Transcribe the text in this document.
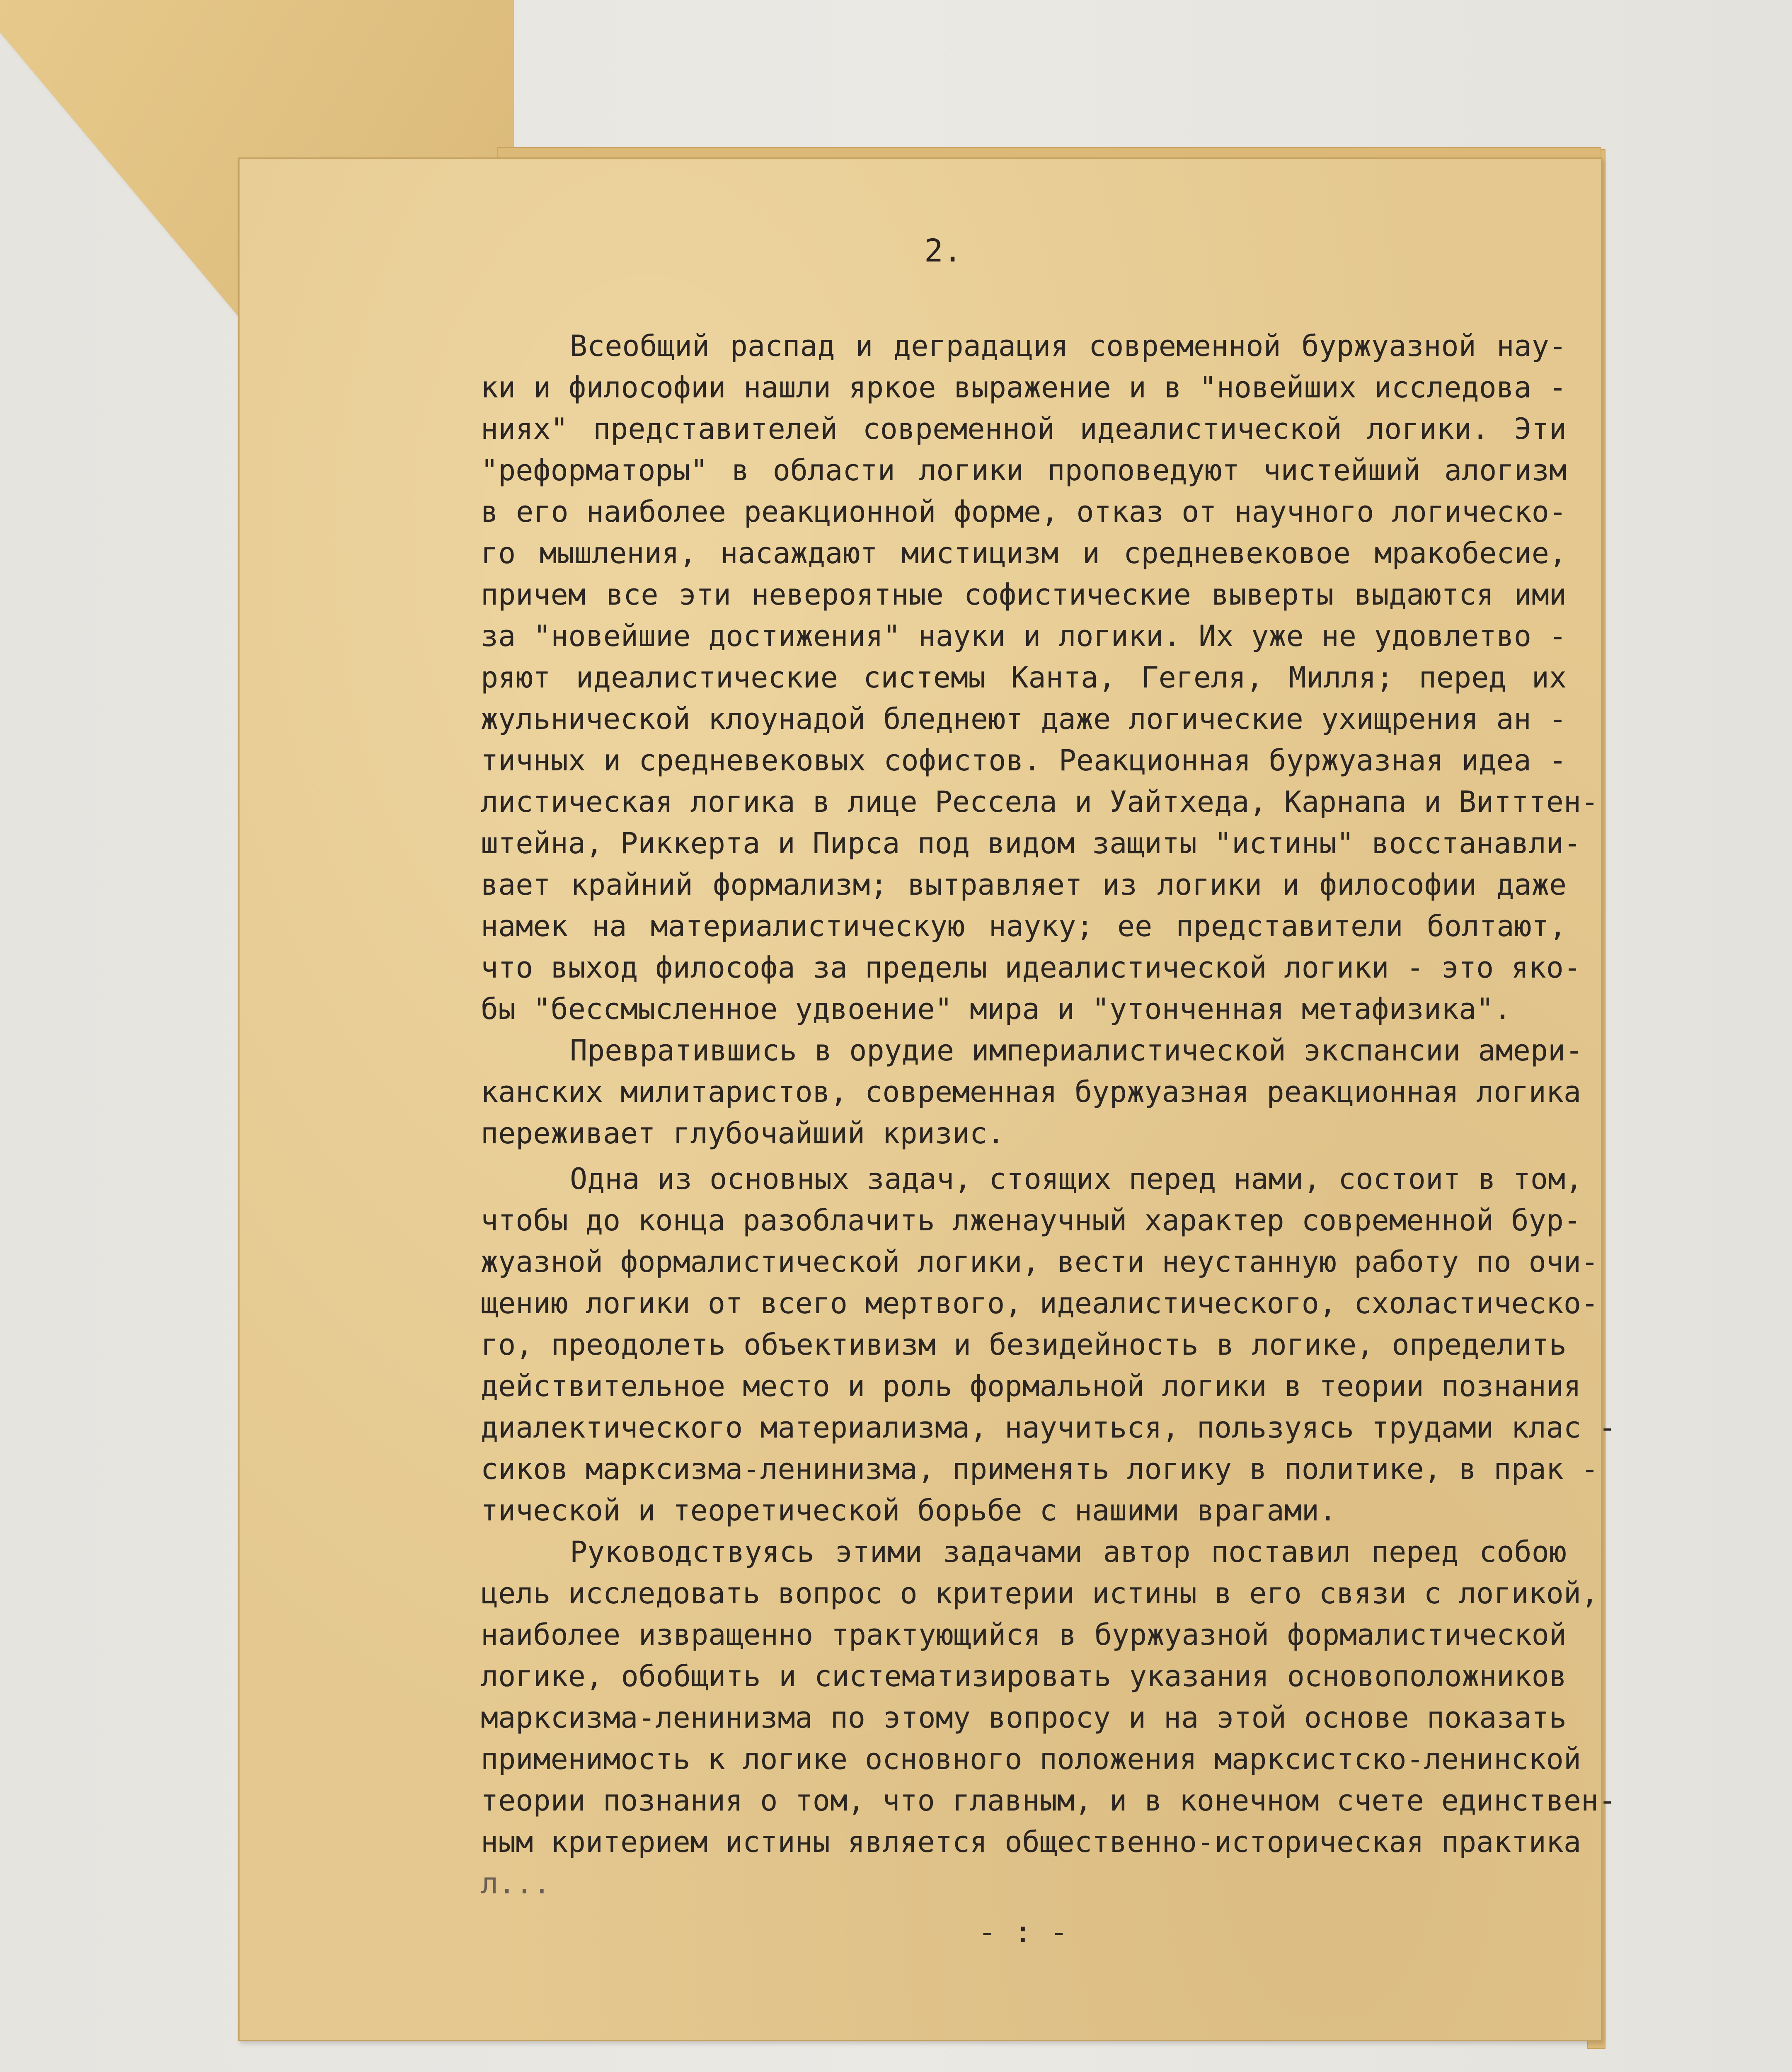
2.
Всеобщий распад и деградация современной буржуазной нау-
ки и философии нашли яркое выражение и в "новейших исследова -
ниях" представителей современной идеалистической логики. Эти
"реформаторы" в области логики проповедуют чистейший алогизм
в его наиболее реакционной форме, отказ от научного логическо-
го мышления, насаждают мистицизм и средневековое мракобесие,
причем все эти невероятные софистические выверты выдаются ими
за "новейшие достижения" науки и логики. Их уже не удовлетво -
ряют идеалистические системы Канта, Гегеля, Милля; перед их
жульнической клоунадой бледнеют даже логические ухищрения ан -
тичных и средневековых софистов. Реакционная буржуазная идеа -
листическая логика в лице Рессела и Уайтхеда, Карнапа и Витттен-
штейна, Риккерта и Пирса под видом защиты "истины" восстанавли-
вает крайний формализм; вытравляет из логики и философии даже
намек на материалистическую науку; ее представители болтают,
что выход философа за пределы идеалистической логики - это яко-
бы "бессмысленное удвоение" мира и "утонченная метафизика".
Превратившись в орудие империалистической экспансии амери-
канских милитаристов, современная буржуазная реакционная логика
переживает глубочайший кризис.
Одна из основных задач, стоящих перед нами, состоит в том,
чтобы до конца разоблачить лженаучный характер современной бур-
жуазной формалистической логики, вести неустанную работу по очи-
щению логики от всего мертвого, идеалистического, схоластическо-
го, преодолеть объективизм и безидейность в логике, определить
действительное место и роль формальной логики в теории познания
диалектического материализма, научиться, пользуясь трудами клас -
сиков марксизма-ленинизма, применять логику в политике, в прак -
тической и теоретической борьбе с нашими врагами.
Руководствуясь этими задачами автор поставил перед собою
цель исследовать вопрос о критерии истины в его связи с логикой,
наиболее извращенно трактующийся в буржуазной формалистической
логике, обобщить и систематизировать указания основоположников
марксизма-ленинизма по этому вопросу и на этой основе показать
применимость к логике основного положения марксистско-ленинской
теории познания о том, что главным, и в конечном счете единствен-
ным критерием истины является общественно-историческая практика
л...
- : -
